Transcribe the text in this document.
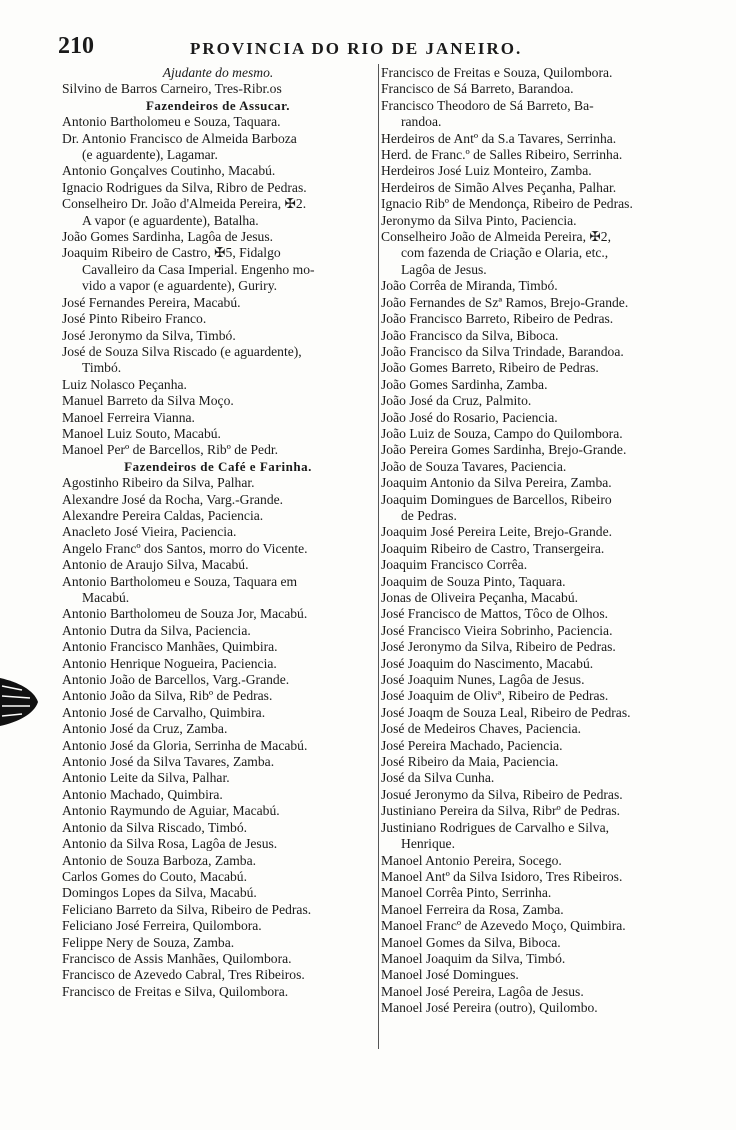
210	PROVINCIA DO RIO DE JANEIRO.
Ajudante do mesmo.
Silvino de Barros Carneiro, Tres-Ribr.os
Fazendeiros de Assucar.
Antonio Bartholomeu e Souza, Taquara.
Dr. Antonio Francisco de Almeida Barboza
(e aguardente), Lagamar.
Antonio Gonçalves Coutinho, Macabú.
Ignacio Rodrigues da Silva, Ribro de Pedras.
Conselheiro Dr. João d'Almeida Pereira, ✠2.
A vapor (e aguardente), Batalha.
João Gomes Sardinha, Lagôa de Jesus.
Joaquim Ribeiro de Castro, ✠5, Fidalgo
Cavalleiro da Casa Imperial. Engenho mo-
vido a vapor (e aguardente), Guriry.
José Fernandes Pereira, Macabú.
José Pinto Ribeiro Franco.
José Jeronymo da Silva, Timbó.
José de Souza Silva Riscado (e aguardente),
Timbó.
Luiz Nolasco Peçanha.
Manuel Barreto da Silva Moço.
Manoel Ferreira Vianna.
Manoel Luiz Souto, Macabú.
Manoel Perº de Barcellos, Ribº de Pedr.
Fazendeiros de Café e Farinha.
Agostinho Ribeiro da Silva, Palhar.
Alexandre José da Rocha, Varg.-Grande.
Alexandre Pereira Caldas, Paciencia.
Anacleto José Vieira, Paciencia.
Angelo Francº dos Santos, morro do Vicente.
Antonio de Araujo Silva, Macabú.
Antonio Bartholomeu e Souza, Taquara em
Macabú.
Antonio Bartholomeu de Souza Jor, Macabú.
Antonio Dutra da Silva, Paciencia.
Antonio Francisco Manhães, Quimbira.
Antonio Henrique Nogueira, Paciencia.
Antonio João de Barcellos, Varg.-Grande.
Antonio João da Silva, Ribº de Pedras.
Antonio José de Carvalho, Quimbira.
Antonio José da Cruz, Zamba.
Antonio José da Gloria, Serrinha de Macabú.
Antonio José da Silva Tavares, Zamba.
Antonio Leite da Silva, Palhar.
Antonio Machado, Quimbira.
Antonio Raymundo de Aguiar, Macabú.
Antonio da Silva Riscado, Timbó.
Antonio da Silva Rosa, Lagôa de Jesus.
Antonio de Souza Barboza, Zamba.
Carlos Gomes do Couto, Macabú.
Domingos Lopes da Silva, Macabú.
Feliciano Barreto da Silva, Ribeiro de Pedras.
Feliciano José Ferreira, Quilombora.
Felippe Nery de Souza, Zamba.
Francisco de Assis Manhães, Quilombora.
Francisco de Azevedo Cabral, Tres Ribeiros.
Francisco de Freitas e Silva, Quilombora.
Francisco de Freitas e Souza, Quilombora.
Francisco de Sá Barreto, Barandoa.
Francisco Theodoro de Sá Barreto, Ba-
randoa.
Herdeiros de Antº da S.a Tavares, Serrinha.
Herd. de Franc.º de Salles Ribeiro, Serrinha.
Herdeiros José Luiz Monteiro, Zamba.
Herdeiros de Simão Alves Peçanha, Palhar.
Ignacio Ribº de Mendonça, Ribeiro de Pedras.
Jeronymo da Silva Pinto, Paciencia.
Conselheiro João de Almeida Pereira, ✠2,
com fazenda de Criação e Olaria, etc.,
Lagôa de Jesus.
João Corrêa de Miranda, Timbó.
João Fernandes de Szª Ramos, Brejo-Grande.
João Francisco Barreto, Ribeiro de Pedras.
João Francisco da Silva, Biboca.
João Francisco da Silva Trindade, Barandoa.
João Gomes Barreto, Ribeiro de Pedras.
João Gomes Sardinha, Zamba.
João José da Cruz, Palmito.
João José do Rosario, Paciencia.
João Luiz de Souza, Campo do Quilombora.
João Pereira Gomes Sardinha, Brejo-Grande.
João de Souza Tavares, Paciencia.
Joaquim Antonio da Silva Pereira, Zamba.
Joaquim Domingues de Barcellos, Ribeiro
de Pedras.
Joaquim José Pereira Leite, Brejo-Grande.
Joaquim Ribeiro de Castro, Transergeira.
Joaquim Francisco Corrêa.
Joaquim de Souza Pinto, Taquara.
Jonas de Oliveira Peçanha, Macabú.
José Francisco de Mattos, Tôco de Olhos.
José Francisco Vieira Sobrinho, Paciencia.
José Jeronymo da Silva, Ribeiro de Pedras.
José Joaquim do Nascimento, Macabú.
José Joaquim Nunes, Lagôa de Jesus.
José Joaquim de Olivª, Ribeiro de Pedras.
José Joaqm de Souza Leal, Ribeiro de Pedras.
José de Medeiros Chaves, Paciencia.
José Pereira Machado, Paciencia.
José Ribeiro da Maia, Paciencia.
José da Silva Cunha.
Josué Jeronymo da Silva, Ribeiro de Pedras.
Justiniano Pereira da Silva, Ribrº de Pedras.
Justiniano Rodrigues de Carvalho e Silva,
Henrique.
Manoel Antonio Pereira, Socego.
Manoel Antº da Silva Isidoro, Tres Ribeiros.
Manoel Corrêa Pinto, Serrinha.
Manoel Ferreira da Rosa, Zamba.
Manoel Francº de Azevedo Moço, Quimbira.
Manoel Gomes da Silva, Biboca.
Manoel Joaquim da Silva, Timbó.
Manoel José Domingues.
Manoel José Pereira, Lagôa de Jesus.
Manoel José Pereira (outro), Quilombo.
